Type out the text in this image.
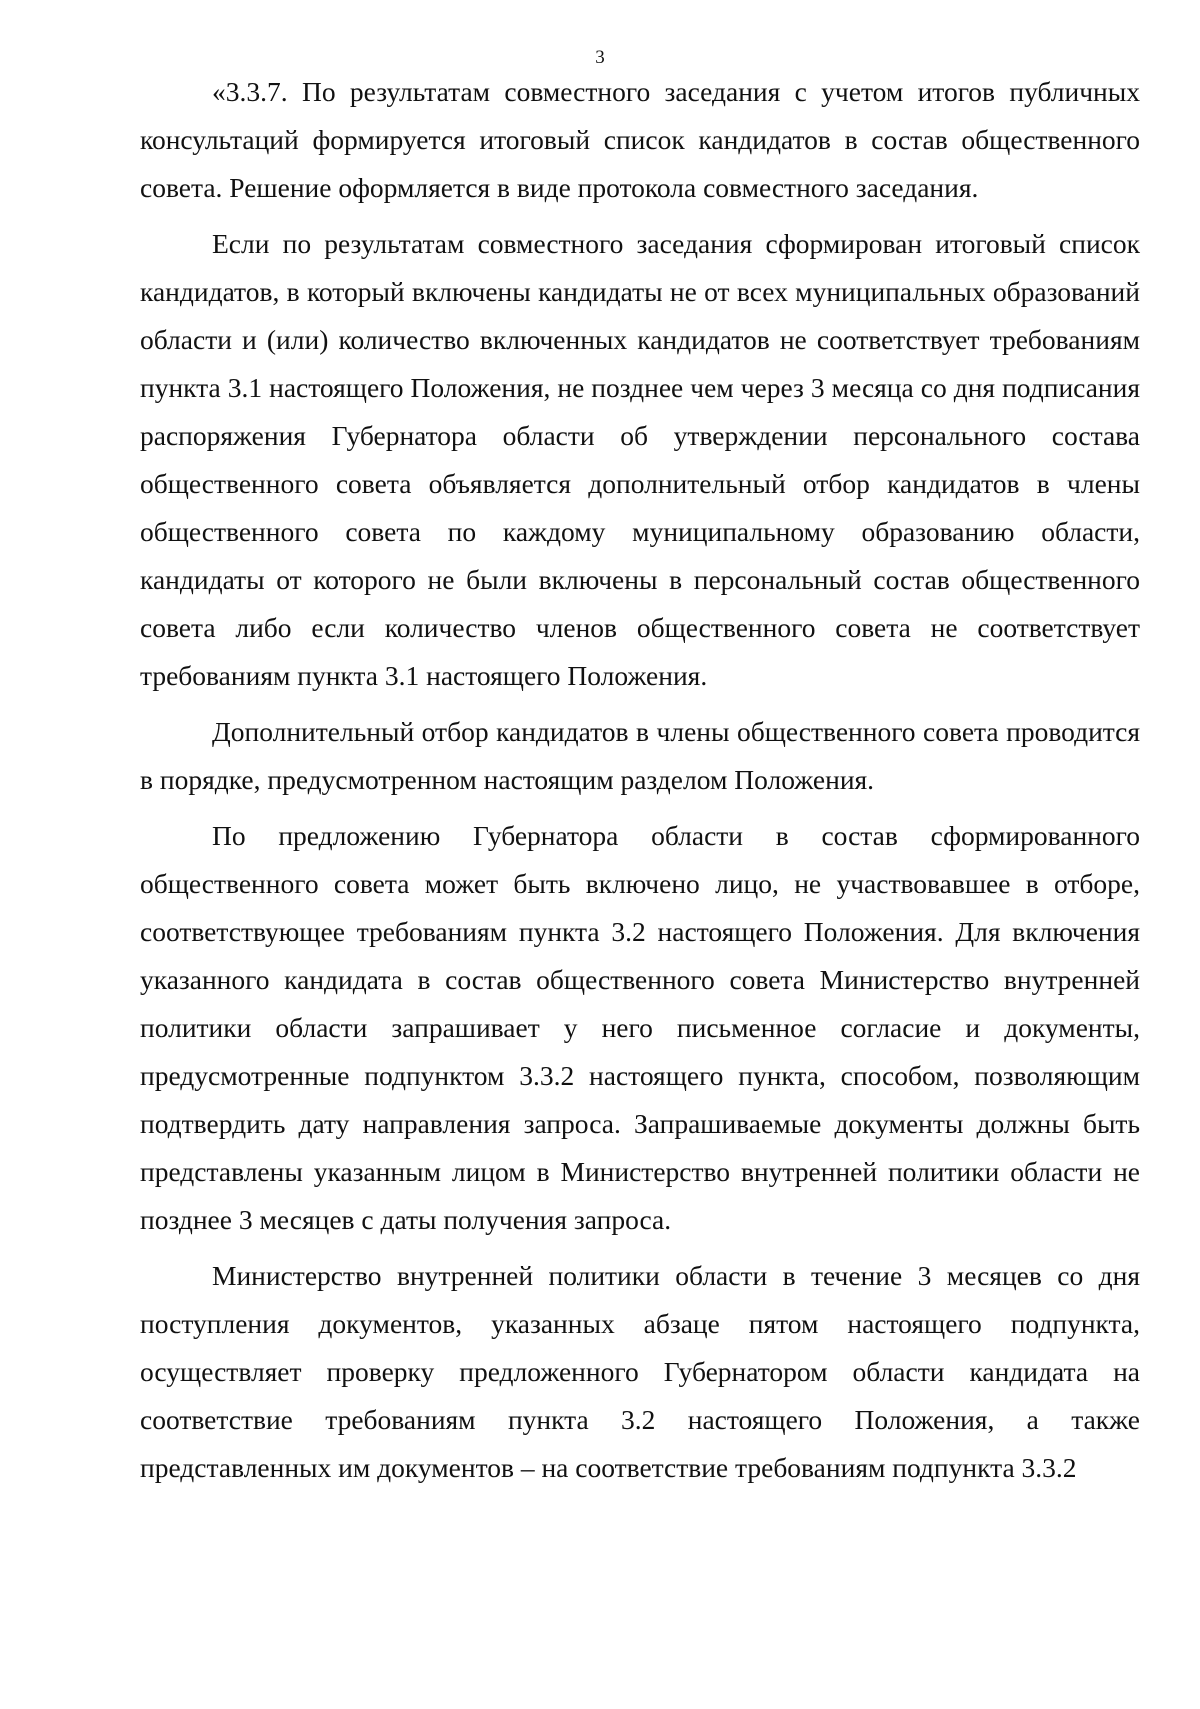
3

«3.3.7. По результатам совместного заседания с учетом итогов публичных консультаций формируется итоговый список кандидатов в состав общественного совета. Решение оформляется в виде протокола совместного заседания.

Если по результатам совместного заседания сформирован итоговый список кандидатов, в который включены кандидаты не от всех муниципальных образований области и (или) количество включенных кандидатов не соответствует требованиям пункта 3.1 настоящего Положения, не позднее чем через 3 месяца со дня подписания распоряжения Губернатора области об утверждении персонального состава общественного совета объявляется дополнительный отбор кандидатов в члены общественного совета по каждому муниципальному образованию области, кандидаты от которого не были включены в персональный состав общественного совета либо если количество членов общественного совета не соответствует требованиям пункта 3.1 настоящего Положения.

Дополнительный отбор кандидатов в члены общественного совета проводится в порядке, предусмотренном настоящим разделом Положения.

По предложению Губернатора области в состав сформированного общественного совета может быть включено лицо, не участвовавшее в отборе, соответствующее требованиям пункта 3.2 настоящего Положения. Для включения указанного кандидата в состав общественного совета Министерство внутренней политики области запрашивает у него письменное согласие и документы, предусмотренные подпунктом 3.3.2 настоящего пункта, способом, позволяющим подтвердить дату направления запроса. Запрашиваемые документы должны быть представлены указанным лицом в Министерство внутренней политики области не позднее 3 месяцев с даты получения запроса.

Министерство внутренней политики области в течение 3 месяцев со дня поступления документов, указанных абзаце пятом настоящего подпункта, осуществляет проверку предложенного Губернатором области кандидата на соответствие требованиям пункта 3.2 настоящего Положения, а также представленных им документов – на соответствие требованиям подпункта 3.3.2
